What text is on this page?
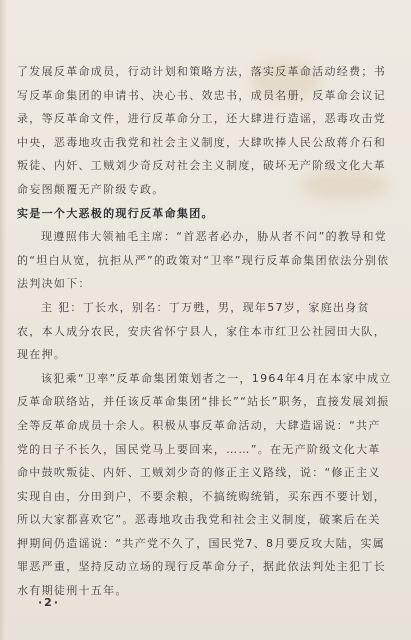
了发展反革命成员，行动计划和策略方法，落实反革命活动经费；书写反革命集团的申请书、决心书、效忠书，成员名册，反革命会议记录，等反革命文件，进行反革命分工，还大肆进行造谣，恶毒攻击党中央，恶毒地攻击我党和社会主义制度，大肆吹捧人民公敌蒋介石和叛徒、内奸、工贼刘少奇反对社会主义制度，破坏无产阶级文化大革命妄图颠覆无产阶级专政。

实是一个大恶极的现行反革命集团。

现遵照伟大领袖毛主席：“首恶者必办，胁从者不问”的教导和党的“坦白从宽，抗拒从严”的政策对“卫率”现行反革命集团依法分别依法判决如下：

主 犯：丁长水，别名：丁万甦，男，现年57岁，家庭出身贫农，本人成分农民，安庆省怀宁县人，家住本市红卫公社园田大队，现在押。

该犯乘“卫率”反革命集团策划者之一，1964年4月在本家中成立反革命联络站，并任该反革命集团“排长”“站长”职务，直接发展刘振全等反革命成员十余人。积极从事反革命活动，大肆造谣说：“共产党的日子不长久，国民党马上要回来，……”。在无产阶级文化大革命中鼓吹叛徒、内奸、工贼刘少奇的修正主义路线，说：“修正主义实现自由，分田到户，不要余粮，不搞统购统销，买东西不要计划，所以大家都喜欢它”。恶毒地攻击我党和社会主义制度，破案后在关押期间仍造谣说：“共产党不久了，国民党7、8月要反攻大陆，实属罪恶严重，坚持反动立场的现行反革命分子，据此依法判处主犯丁长水有期徒刑十五年。

·2·
